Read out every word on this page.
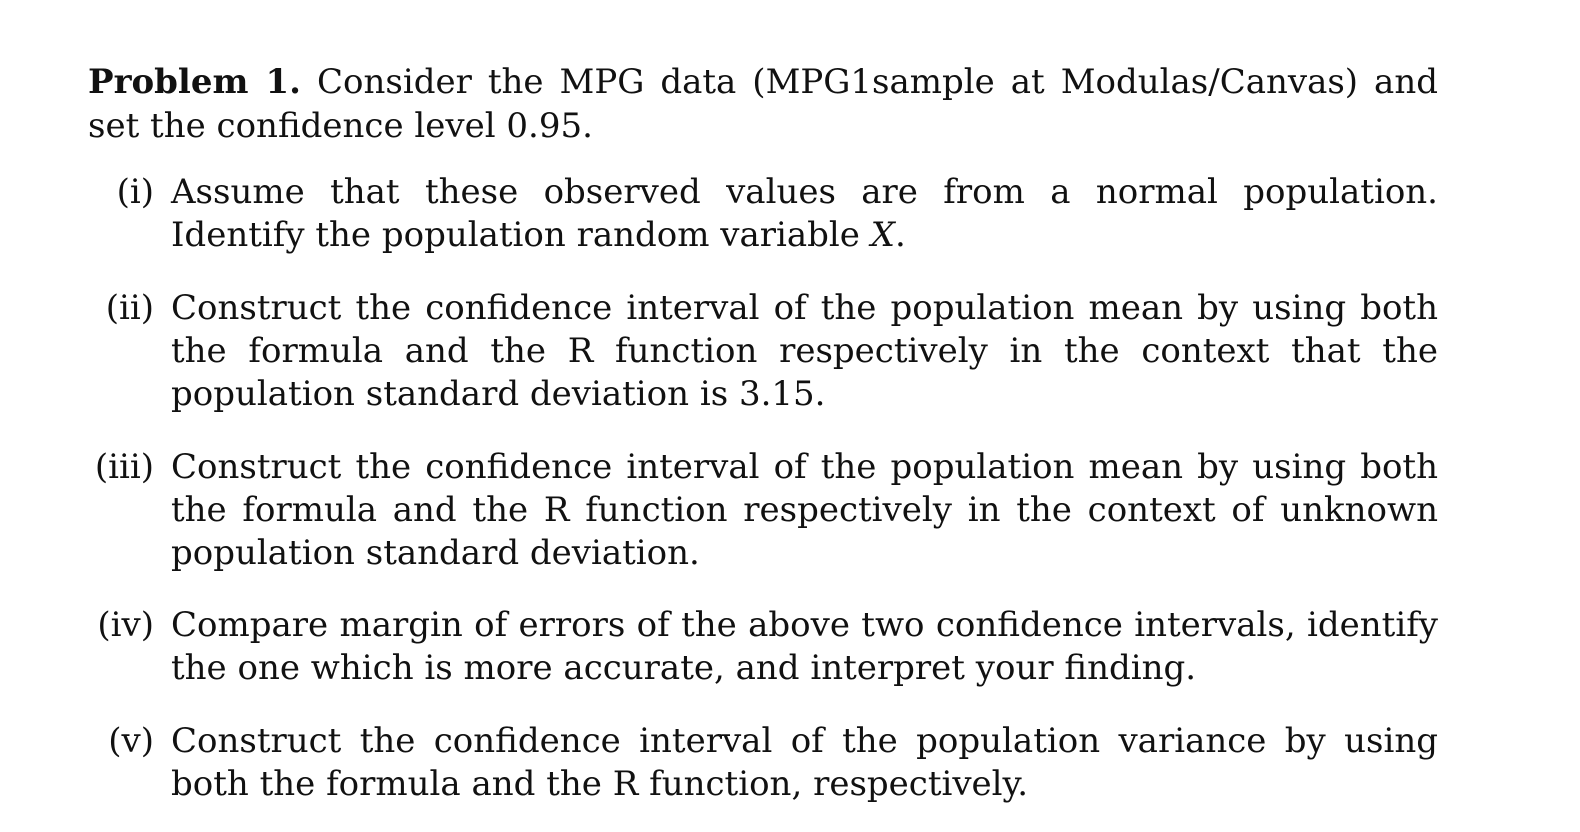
Problem 1. Consider the MPG data (MPG1sample at Modulas/Canvas) and set the confidence level 0.95.

(i) Assume that these observed values are from a normal population. Identify the population random variable X.
(ii) Construct the confidence interval of the population mean by using both the formula and the R function respectively in the context that the population standard deviation is 3.15.
(iii) Construct the confidence interval of the population mean by using both the formula and the R function respectively in the context of unknown population standard deviation.
(iv) Compare margin of errors of the above two confidence intervals, identify the one which is more accurate, and interpret your finding.
(v) Construct the confidence interval of the population variance by using both the formula and the R function, respectively.
